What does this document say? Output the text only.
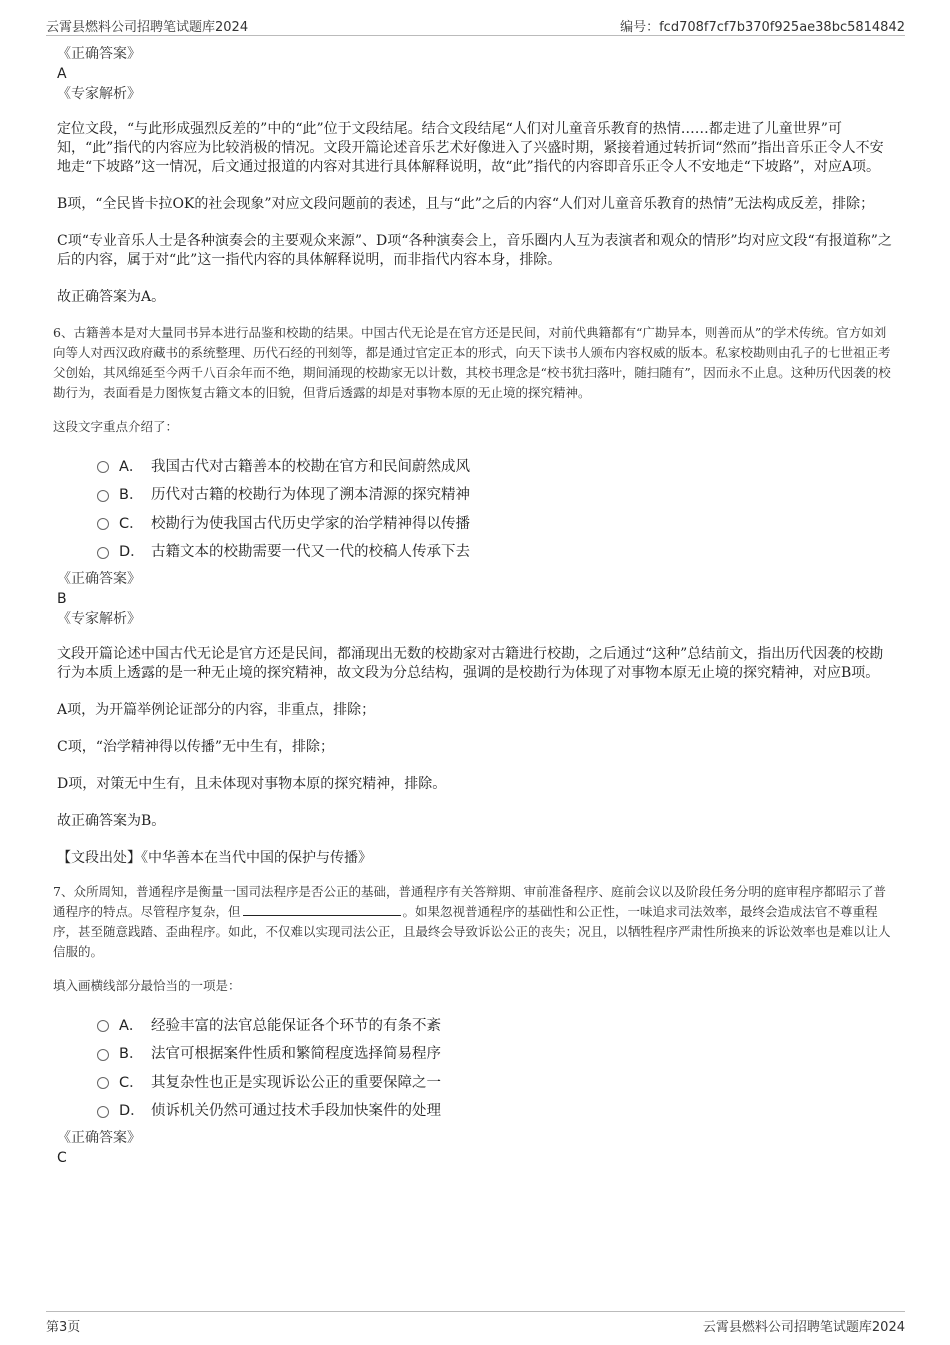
云霄县燃料公司招聘笔试题库2024	编号：fcd708f7cf7b370f925ae38bc5814842
《正确答案》
A
《专家解析》

定位文段，“与此形成强烈反差的”中的“此”位于文段结尾。结合文段结尾“人们对儿童音乐教育的热情……都走进了儿童世界”可知，“此”指代的内容应为比较消极的情况。文段开篇论述音乐艺术好像进入了兴盛时期，紧接着通过转折词“然而”指出音乐正令人不安地走“下坡路”这一情况，后文通过报道的内容对其进行具体解释说明，故“此”指代的内容即音乐正令人不安地走“下坡路”，对应A项。

B项，“全民皆卡拉OK的社会现象”对应文段问题前的表述，且与“此”之后的内容“人们对儿童音乐教育的热情”无法构成反差，排除；

C项“专业音乐人士是各种演奏会的主要观众来源”、D项“各种演奏会上，音乐圈内人互为表演者和观众的情形”均对应文段“有报道称”之后的内容，属于对“此”这一指代内容的具体解释说明，而非指代内容本身，排除。

故正确答案为A。

6、古籍善本是对大量同书异本进行品鉴和校勘的结果。中国古代无论是在官方还是民间，对前代典籍都有“广勘异本，则善而从”的学术传统。官方如刘向等人对西汉政府藏书的系统整理、历代石经的刊刻等，都是通过官定正本的形式，向天下读书人颁布内容权威的版本。私家校勘则由孔子的七世祖正考父创始，其风绵延至今两千八百余年而不绝，期间涌现的校勘家无以计数，其校书理念是“校书犹扫落叶，随扫随有”，因而永不止息。这种历代因袭的校勘行为，表面看是力图恢复古籍文本的旧貌，但背后透露的却是对事物本原的无止境的探究精神。

这段文字重点介绍了：

A． 我国古代对古籍善本的校勘在官方和民间蔚然成风
B． 历代对古籍的校勘行为体现了溯本清源的探究精神
C． 校勘行为使我国古代历史学家的治学精神得以传播
D． 古籍文本的校勘需要一代又一代的校稿人传承下去
《正确答案》
B
《专家解析》

文段开篇论述中国古代无论是官方还是民间，都涌现出无数的校勘家对古籍进行校勘，之后通过“这种”总结前文，指出历代因袭的校勘行为本质上透露的是一种无止境的探究精神，故文段为分总结构，强调的是校勘行为体现了对事物本原无止境的探究精神，对应B项。

A项，为开篇举例论证部分的内容，非重点，排除；

C项，“治学精神得以传播”无中生有，排除；

D项，对策无中生有，且未体现对事物本原的探究精神，排除。

故正确答案为B。

【文段出处】《中华善本在当代中国的保护与传播》

7、众所周知，普通程序是衡量一国司法程序是否公正的基础，普通程序有关答辩期、审前准备程序、庭前会议以及阶段任务分明的庭审程序都昭示了普通程序的特点。尽管程序复杂，但	。如果忽视普通程序的基础性和公正性，一味追求司法效率，最终会造成法官不尊重程序，甚至随意践踏、歪曲程序。如此，不仅难以实现司法公正，且最终会导致诉讼公正的丧失；况且，以牺牲程序严肃性所换来的诉讼效率也是难以让人信服的。

填入画横线部分最恰当的一项是：

A． 经验丰富的法官总能保证各个环节的有条不紊
B． 法官可根据案件性质和繁简程度选择简易程序
C． 其复杂性也正是实现诉讼公正的重要保障之一
D． 侦诉机关仍然可通过技术手段加快案件的处理
《正确答案》
C
第3页	云霄县燃料公司招聘笔试题库2024
